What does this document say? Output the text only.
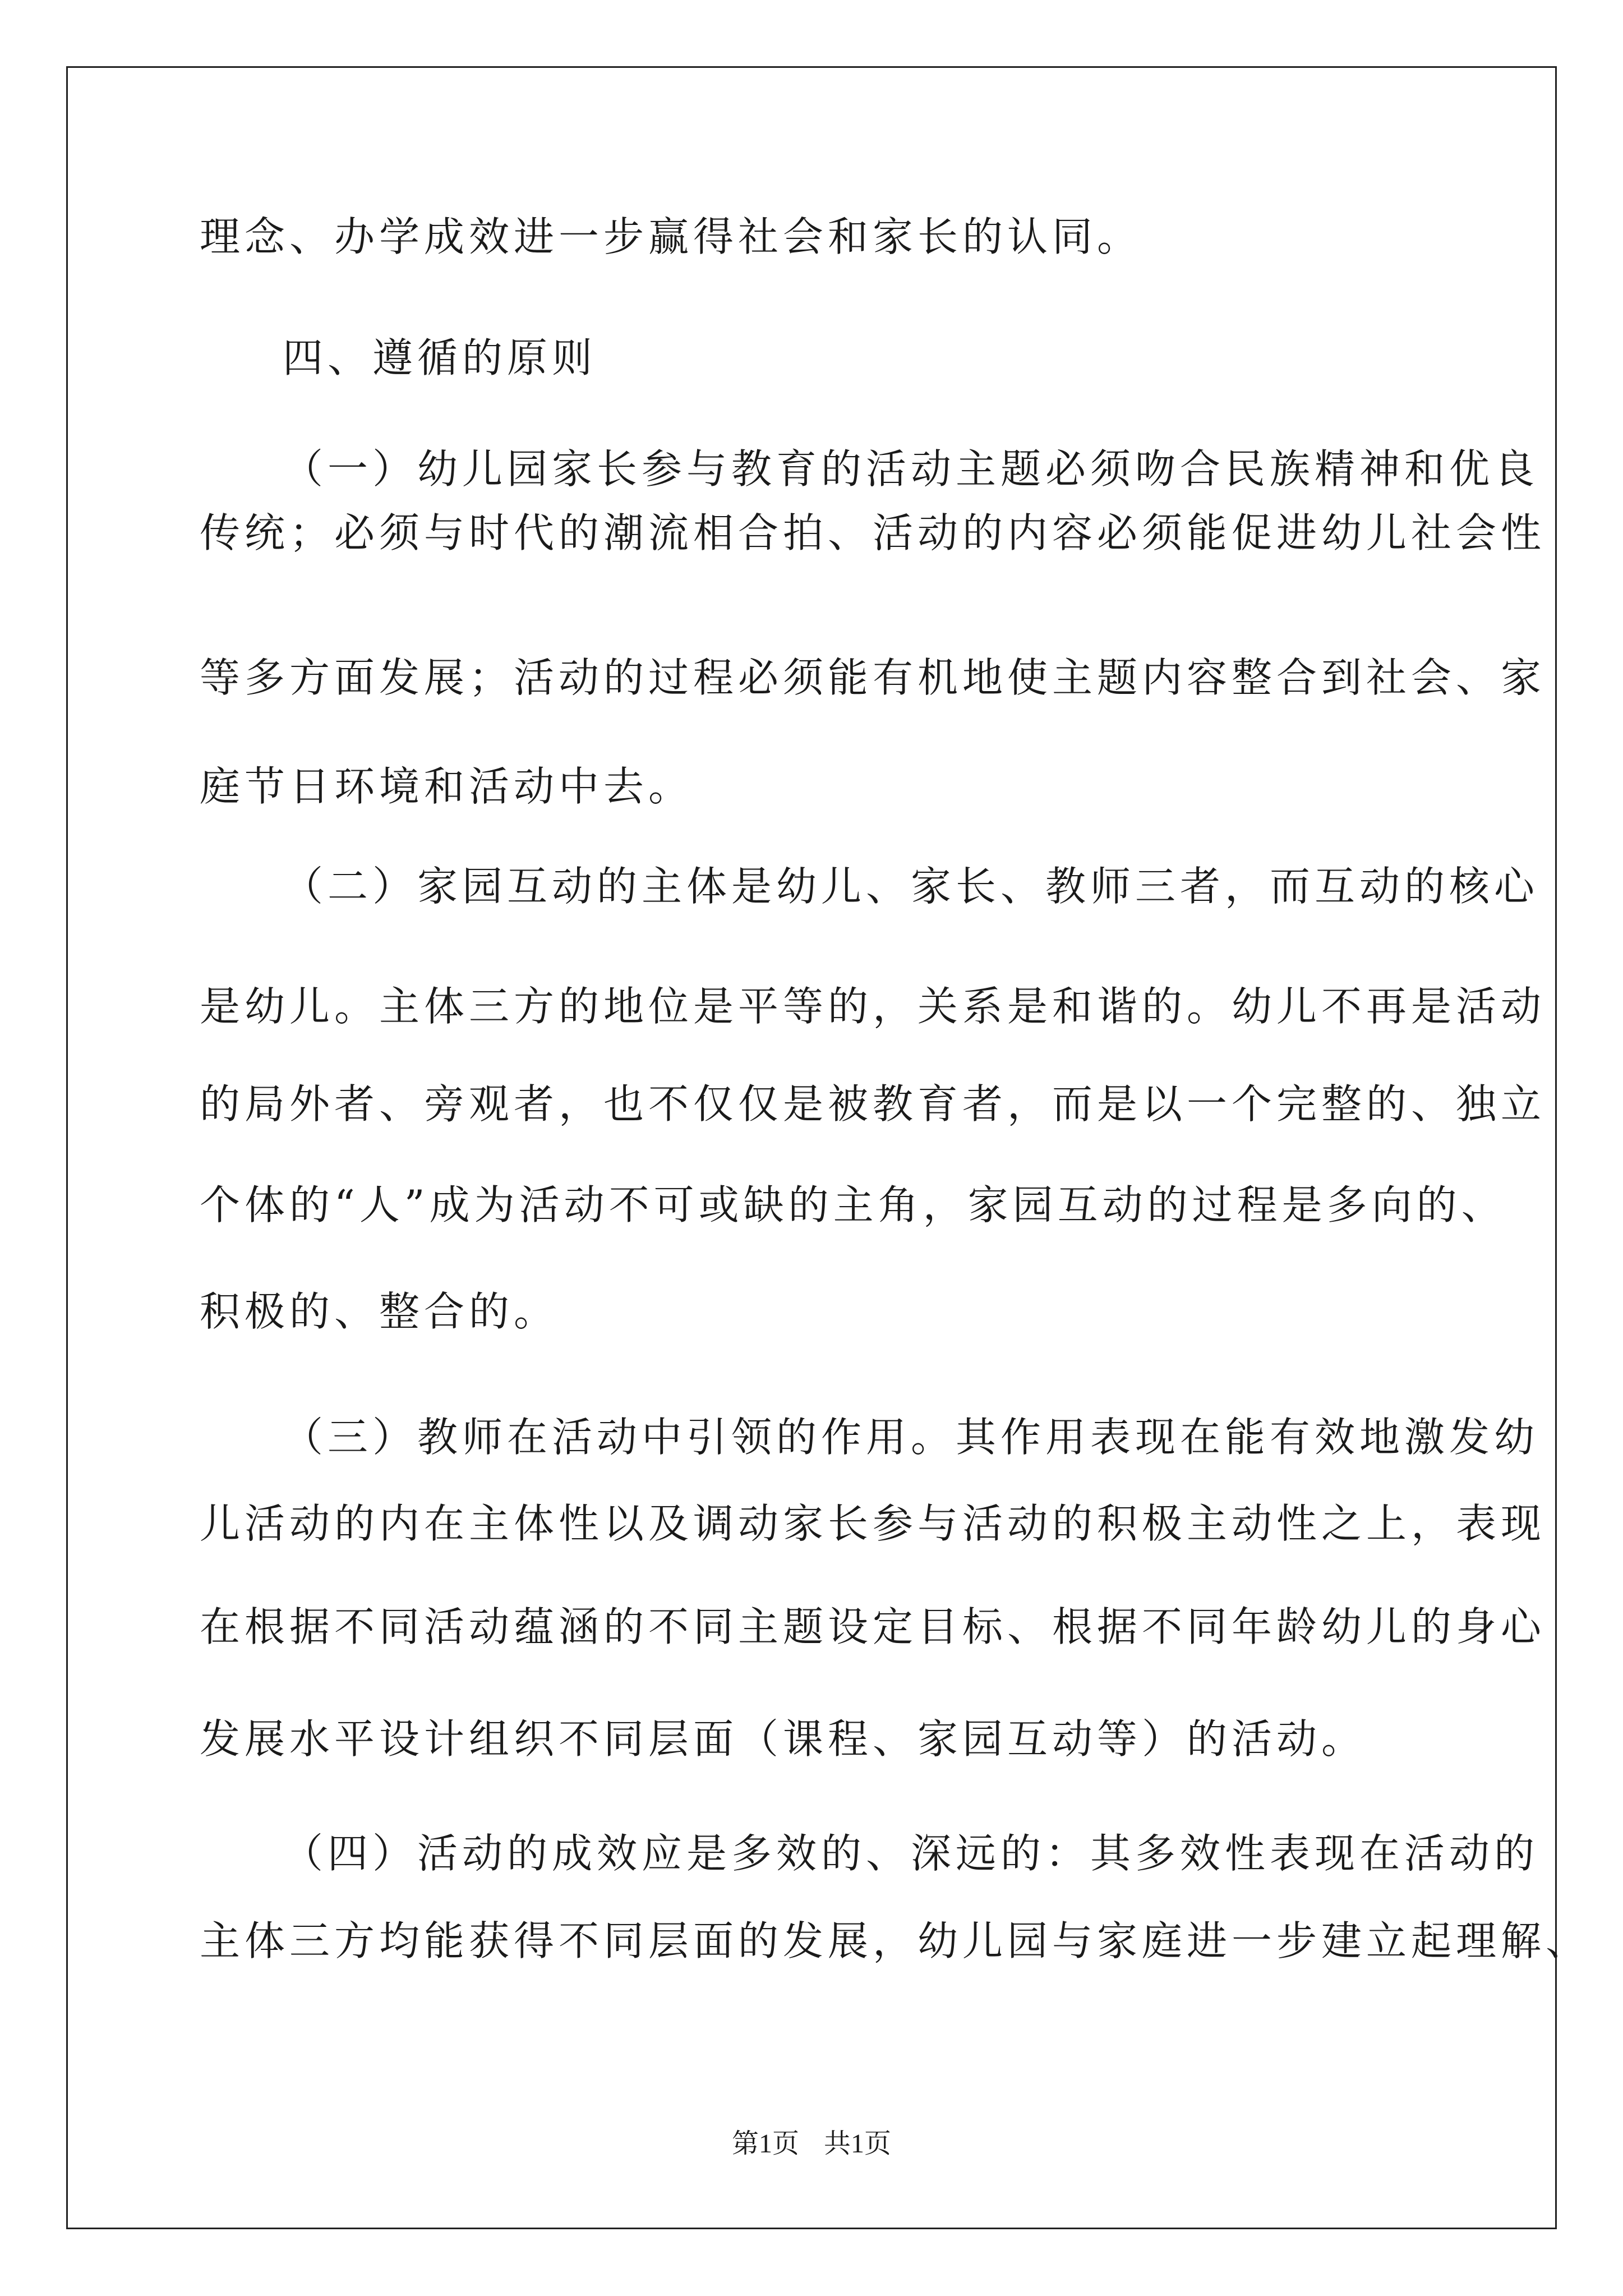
理念、办学成效进一步赢得社会和家长的认同。

四、遵循的原则

（一）幼儿园家长参与教育的活动主题必须吻合民族精神和优良

传统；必须与时代的潮流相合拍、活动的内容必须能促进幼儿社会性

等多方面发展；活动的过程必须能有机地使主题内容整合到社会、家

庭节日环境和活动中去。

（二）家园互动的主体是幼儿、家长、教师三者，而互动的核心

是幼儿。主体三方的地位是平等的，关系是和谐的。幼儿不再是活动

的局外者、旁观者，也不仅仅是被教育者，而是以一个完整的、独立

个体的“人”成为活动不可或缺的主角，家园互动的过程是多向的、

积极的、整合的。

（三）教师在活动中引领的作用。其作用表现在能有效地激发幼

儿活动的内在主体性以及调动家长参与活动的积极主动性之上，表现

在根据不同活动蕴涵的不同主题设定目标、根据不同年龄幼儿的身心

发展水平设计组织不同层面（课程、家园互动等）的活动。

（四）活动的成效应是多效的、深远的：其多效性表现在活动的

主体三方均能获得不同层面的发展，幼儿园与家庭进一步建立起理解、

第1页 共1页
